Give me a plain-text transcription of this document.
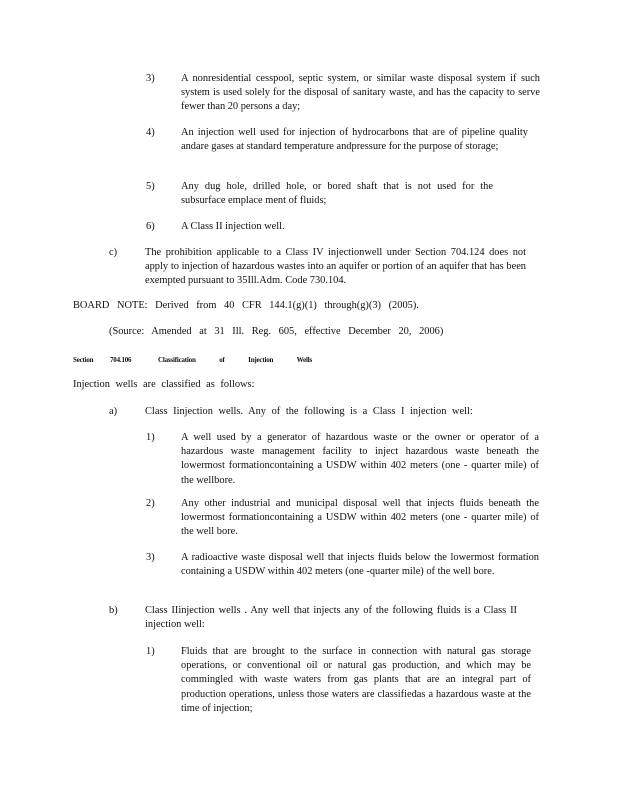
3)	A nonresidential cesspool, septic system, or similar waste disposal system if such system is used solely for the disposal of sanitary waste, and has the capacity to serve fewer than 20 persons a day;
4)	An injection well used for injection of hydrocarbons that are of pipeline quality andare gases at standard temperature andpressure for the purpose of storage;
5)	Any dug hole, drilled hole, or bored shaft that is not used for the subsurface emplace ment of fluids;
6)	A Class II injection well.
c)	The prohibition applicable to a Class IV injectionwell under Section 704.124 does not apply to injection of hazardous wastes into an aquifer or portion of an aquifer that has been exempted pursuant to 35Ill.Adm. Code 730.104.
BOARD NOTE: Derived from 40 CFR 144.1(g)(1) through(g)(3) (2005).
(Source: Amended at 31 Ill. Reg. 605, effective December 20, 2006)
Section 704.106	Classification of Injection Wells
Injection wells are classified as follows:
a)	Class Iinjection wells. Any of the following is a Class I injection well:
1)	A well used by a generator of hazardous waste or the owner or operator of a hazardous waste management facility to inject hazardous waste beneath the lowermost formationcontaining a USDW within 402 meters (one - quarter mile) of the wellbore.
2)	Any other industrial and municipal disposal well that injects fluids beneath the lowermost formationcontaining a USDW within 402 meters (one - quarter mile) of the well bore.
3)	A radioactive waste disposal well that injects fluids below the lowermost formation containing a USDW within 402 meters (one -quarter mile) of the well bore.
b)	Class IIinjection wells . Any well that injects any of the following fluids is a Class II injection well:
1)	Fluids that are brought to the surface in connection with natural gas storage operations, or conventional oil or natural gas production, and which may be commingled with waste waters from gas plants that are an integral part of production operations, unless those waters are classifiedas a hazardous waste at the time of injection;
